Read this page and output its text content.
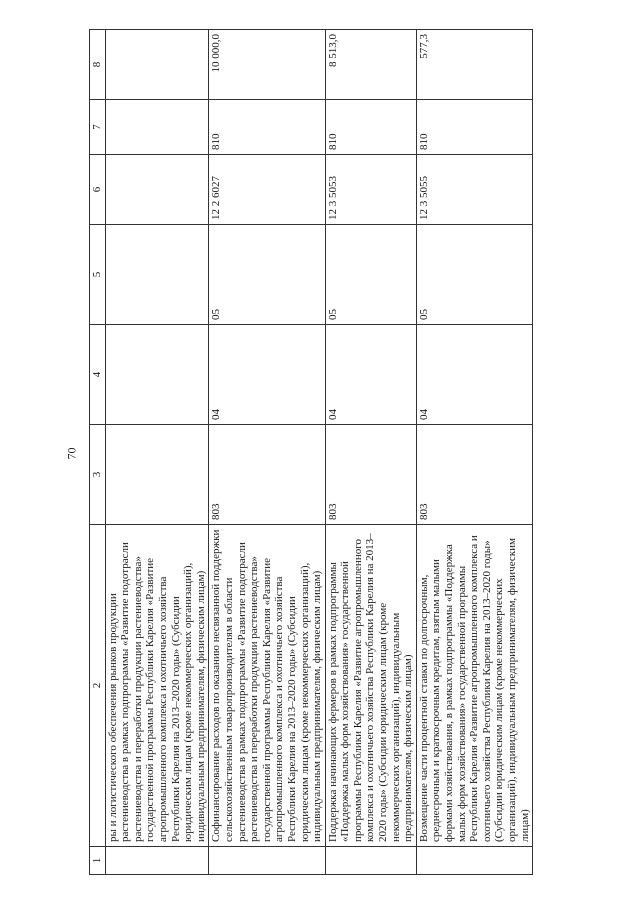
70
1	2	3	4	5	6	7	8
	ры и логистического обеспечения рынков продукции растениеводства в рамках подпрограммы «Развитие подотрасли растениеводства и переработки продукции растениеводства» государственной программы Республики Карелия «Развитие агропромышленного комплекса и охотничьего хозяйства Республики Карелия на 2013–2020 годы» (Субсидии юридическим лицам (кроме некоммерческих организаций), индивидуальным предпринимателям, физическим лицам)						
	Софинансирование расходов по оказанию несвязанной поддержки сельскохозяйственным товаропроизводителям в области растениеводства в рамках подпрограммы «Развитие подотрасли растениеводства и переработки продукции растениеводства» государственной программы Республики Карелия «Развитие агропромышленного комплекса и охотничьего хозяйства Республики Карелия на 2013–2020 годы» (Субсидии юридическим лицам (кроме некоммерческих организаций), индивидуальным предпринимателям, физическим лицам)	803	04	05	12 2 6027	810	10 000,0
	Поддержка начинающих фермеров в рамках подпрограммы «Поддержка малых форм хозяйствования» государственной программы Республики Карелия «Развитие агропромышленного комплекса и охотничьего хозяйства Республики Карелия на 2013–2020 годы» (Субсидии юридическим лицам (кроме некоммерческих организаций), индивидуальным предпринимателям, физическим лицам)	803	04	05	12 3 5053	810	8 513,0
	Возмещение части процентной ставки по долгосрочным, среднесрочным и краткосрочным кредитам, взятым малыми формами хозяйствования, в рамках подпрограммы «Поддержка малых форм хозяйствования» государственной программы Республики Карелия «Развитие агропромышленного комплекса и охотничьего хозяйства Республики Карелия на 2013–2020 годы» (Субсидии юридическим лицам (кроме некоммерческих организаций), индивидуальным предпринимателям, физическим лицам)	803	04	05	12 3 5055	810	577,3
